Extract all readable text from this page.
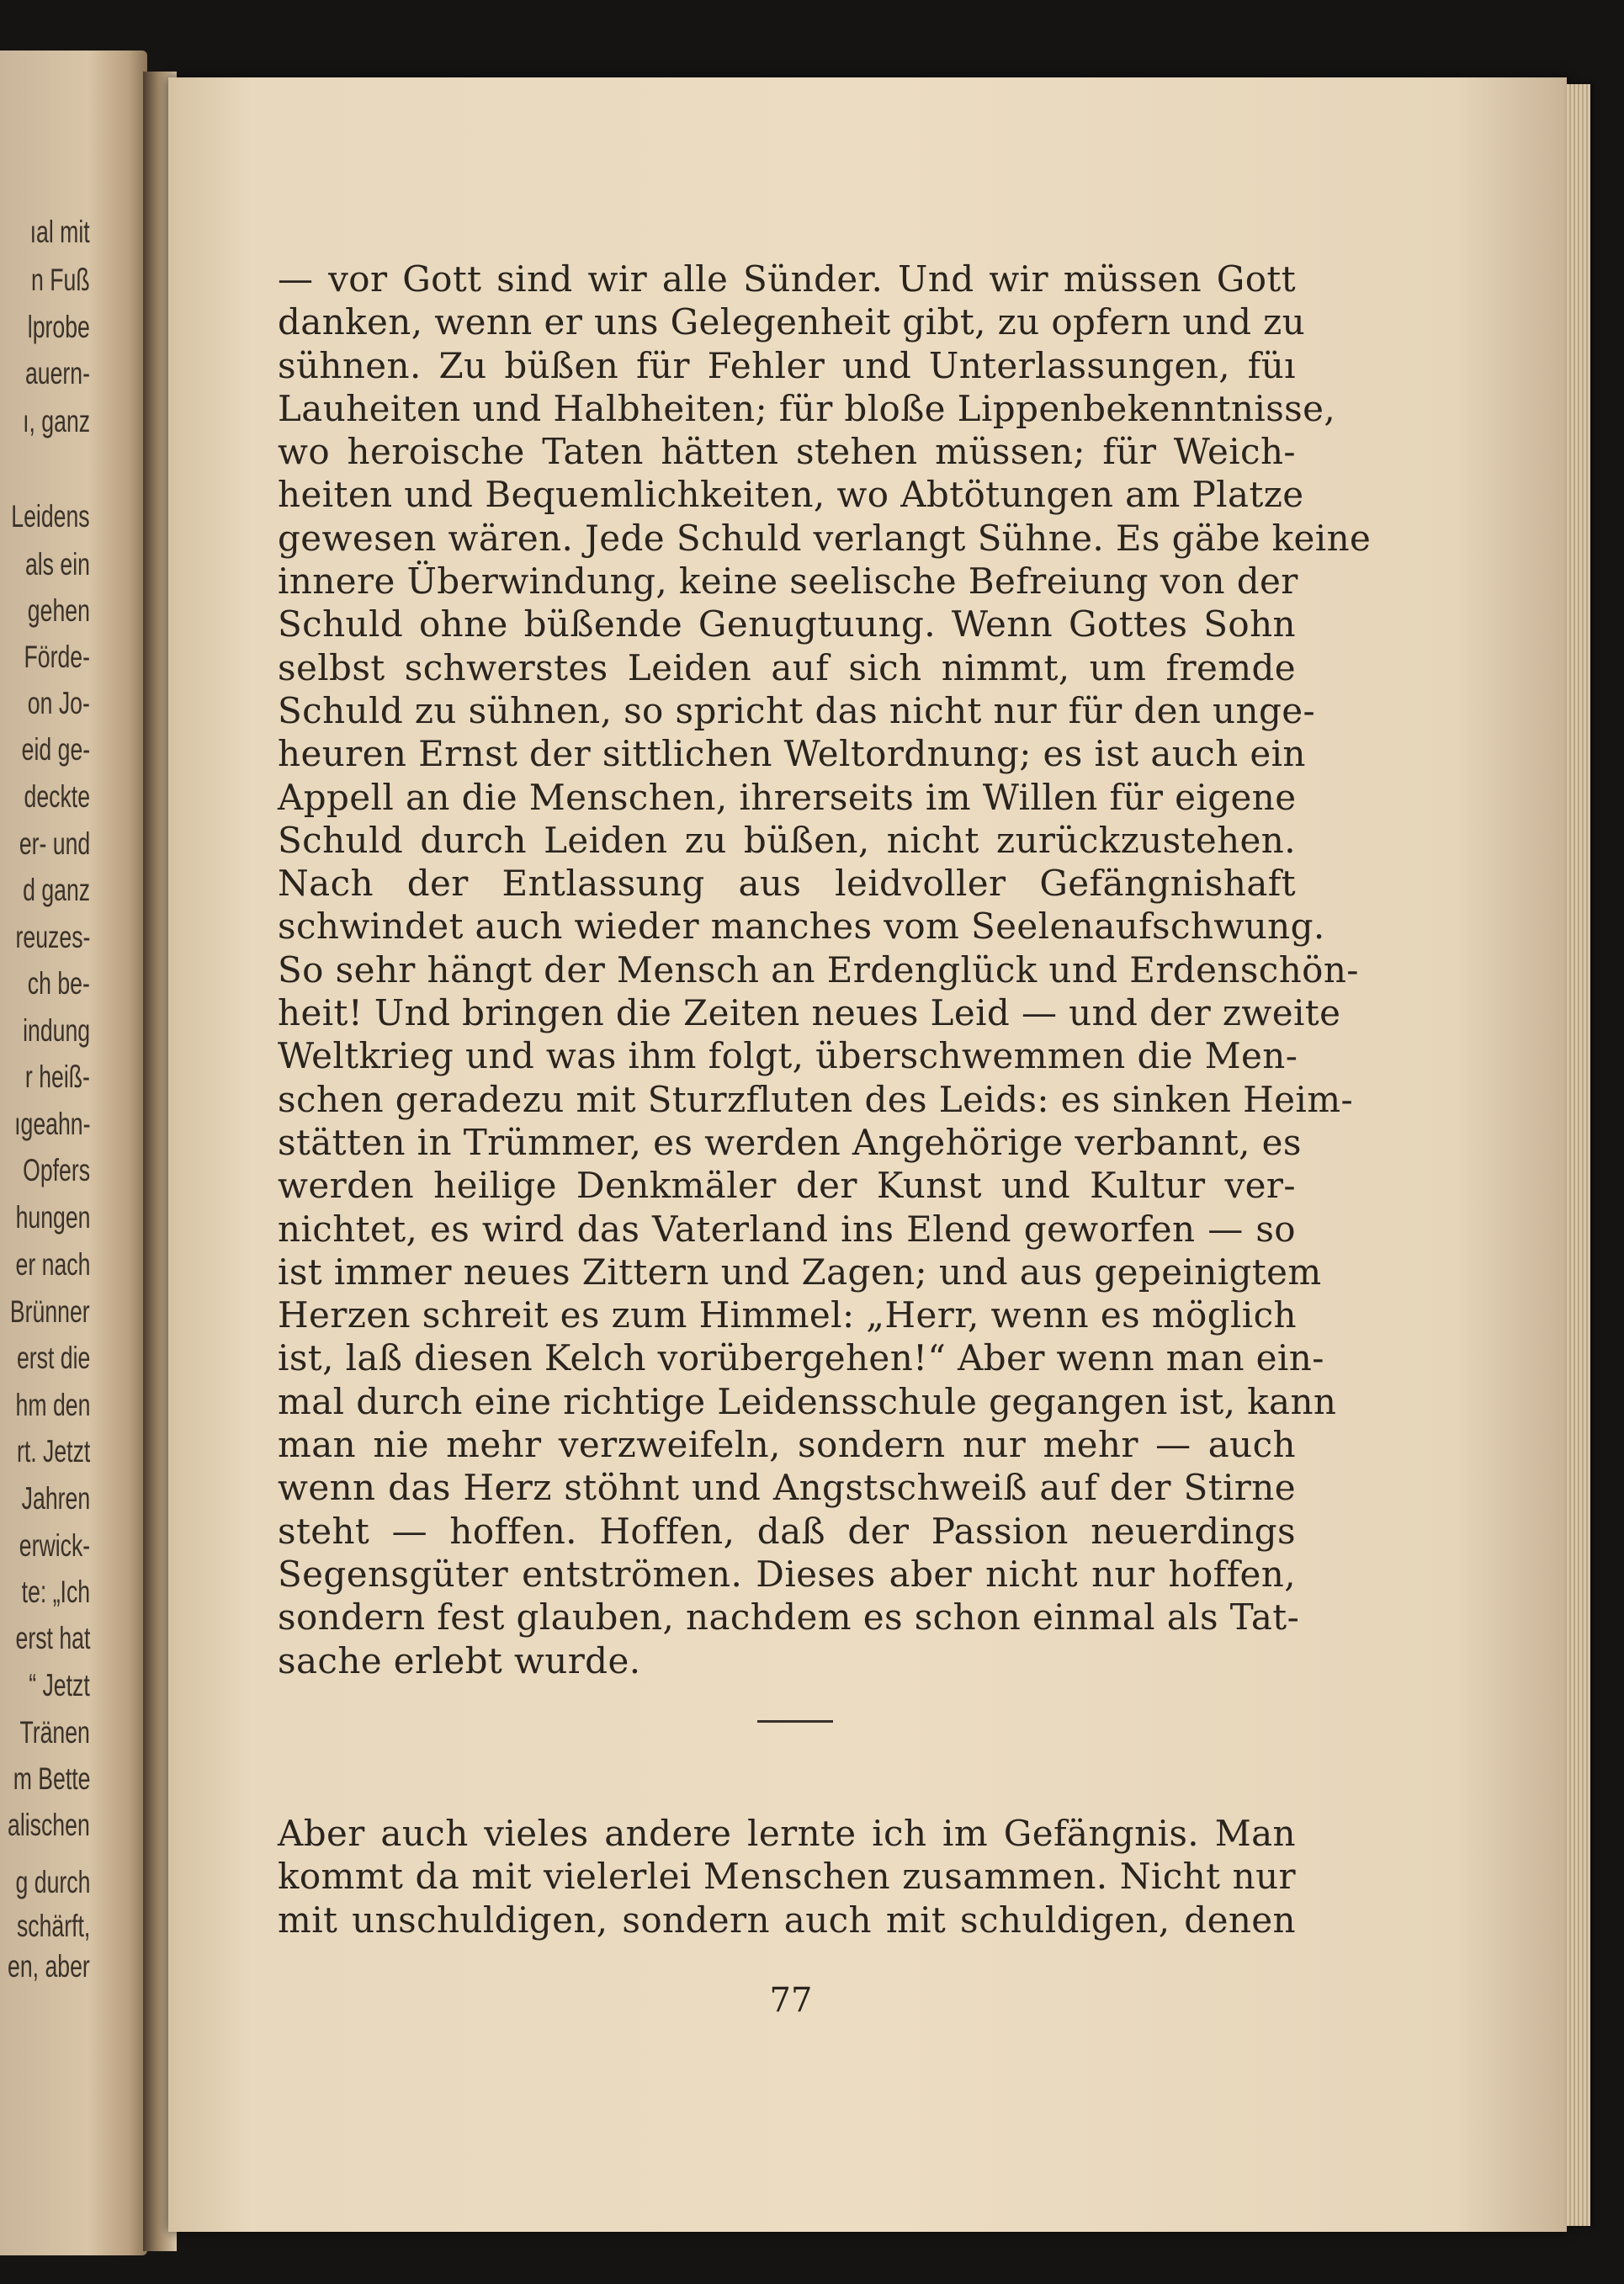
ıal mit
n Fuß
lprobe
auern-
ı, ganz
Leidens
als ein
gehen
Förde-
on Jo-
eid ge-
deckte
er- und
d ganz
reuzes-
ch be-
indung
r heiß-
ıgeahn-
Opfers
hungen
er nach
Brünner
erst die
hm den
rt. Jetzt
Jahren
erwick-
te: „Ich
erst hat
“ Jetzt
Tränen
m Bette
alischen
g durch
schärft,
en, aber
— vor Gott sind wir alle Sünder. Und wir müssen Gott
danken, wenn er uns Gelegenheit gibt, zu opfern und zu
sühnen. Zu büßen für Fehler und Unterlassungen, füı
Lauheiten und Halbheiten; für bloße Lippenbekenntnisse,
wo heroische Taten hätten stehen müssen; für Weich-
heiten und Bequemlichkeiten, wo Abtötungen am Platze
gewesen wären. Jede Schuld verlangt Sühne. Es gäbe keine
innere Überwindung, keine seelische Befreiung von der
Schuld ohne büßende Genugtuung. Wenn Gottes Sohn
selbst schwerstes Leiden auf sich nimmt, um fremde
Schuld zu sühnen, so spricht das nicht nur für den unge-
heuren Ernst der sittlichen Weltordnung; es ist auch ein
Appell an die Menschen, ihrerseits im Willen für eigene
Schuld durch Leiden zu büßen, nicht zurückzustehen.
Nach der Entlassung aus leidvoller Gefängnishaft
schwindet auch wieder manches vom Seelenaufschwung.
So sehr hängt der Mensch an Erdenglück und Erdenschön-
heit! Und bringen die Zeiten neues Leid — und der zweite
Weltkrieg und was ihm folgt, überschwemmen die Men-
schen geradezu mit Sturzfluten des Leids: es sinken Heim-
stätten in Trümmer, es werden Angehörige verbannt, es
werden heilige Denkmäler der Kunst und Kultur ver-
nichtet, es wird das Vaterland ins Elend geworfen — so
ist immer neues Zittern und Zagen; und aus gepeinigtem
Herzen schreit es zum Himmel: „Herr, wenn es möglich
ist, laß diesen Kelch vorübergehen!“ Aber wenn man ein-
mal durch eine richtige Leidensschule gegangen ist, kann
man nie mehr verzweifeln, sondern nur mehr — auch
wenn das Herz stöhnt und Angstschweiß auf der Stirne
steht — hoffen. Hoffen, daß der Passion neuerdings
Segensgüter entströmen. Dieses aber nicht nur hoffen,
sondern fest glauben, nachdem es schon einmal als Tat-
sache erlebt wurde.
Aber auch vieles andere lernte ich im Gefängnis. Man
kommt da mit vielerlei Menschen zusammen. Nicht nur
mit unschuldigen, sondern auch mit schuldigen, denen
77
